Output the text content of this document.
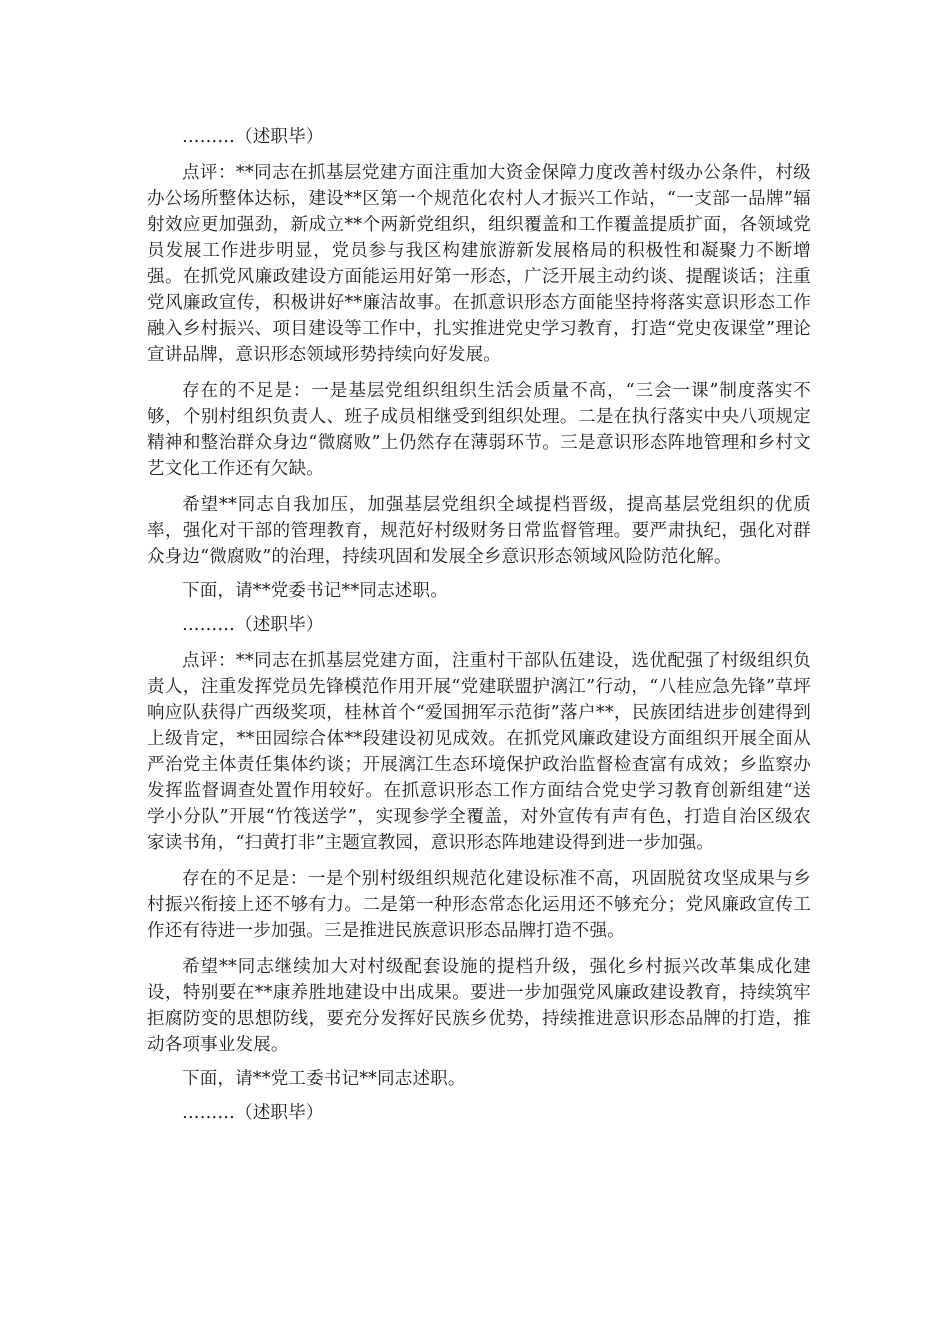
………（述职毕）

点评：**同志在抓基层党建方面注重加大资金保障力度改善村级办公条件，村级办公场所整体达标，建设**区第一个规范化农村人才振兴工作站，“一支部一品牌”辐射效应更加强劲，新成立**个两新党组织，组织覆盖和工作覆盖提质扩面，各领域党员发展工作进步明显，党员参与我区构建旅游新发展格局的积极性和凝聚力不断增强。在抓党风廉政建设方面能运用好第一形态，广泛开展主动约谈、提醒谈话；注重党风廉政宣传，积极讲好**廉洁故事。在抓意识形态方面能坚持将落实意识形态工作融入乡村振兴、项目建设等工作中，扎实推进党史学习教育，打造“党史夜课堂”理论宣讲品牌，意识形态领域形势持续向好发展。

存在的不足是：一是基层党组织组织生活会质量不高，“三会一课”制度落实不够，个别村组织负责人、班子成员相继受到组织处理。二是在执行落实中央八项规定精神和整治群众身边“微腐败”上仍然存在薄弱环节。三是意识形态阵地管理和乡村文艺文化工作还有欠缺。

希望**同志自我加压，加强基层党组织全域提档晋级，提高基层党组织的优质率，强化对干部的管理教育，规范好村级财务日常监督管理。要严肃执纪，强化对群众身边“微腐败”的治理，持续巩固和发展全乡意识形态领域风险防范化解。

下面，请**党委书记**同志述职。

………（述职毕）

点评：**同志在抓基层党建方面，注重村干部队伍建设，选优配强了村级组织负责人，注重发挥党员先锋模范作用开展“党建联盟护漓江”行动，“八桂应急先锋”草坪响应队获得广西级奖项，桂林首个“爱国拥军示范街”落户**，民族团结进步创建得到上级肯定，**田园综合体**段建设初见成效。在抓党风廉政建设方面组织开展全面从严治党主体责任集体约谈；开展漓江生态环境保护政治监督检查富有成效；乡监察办发挥监督调查处置作用较好。在抓意识形态工作方面结合党史学习教育创新组建“送学小分队”开展“竹筏送学”，实现参学全覆盖，对外宣传有声有色，打造自治区级农家读书角，“扫黄打非”主题宣教园，意识形态阵地建设得到进一步加强。

存在的不足是：一是个别村级组织规范化建设标准不高，巩固脱贫攻坚成果与乡村振兴衔接上还不够有力。二是第一种形态常态化运用还不够充分；党风廉政宣传工作还有待进一步加强。三是推进民族意识形态品牌打造不强。

希望**同志继续加大对村级配套设施的提档升级，强化乡村振兴改革集成化建设，特别要在**康养胜地建设中出成果。要进一步加强党风廉政建设教育，持续筑牢拒腐防变的思想防线，要充分发挥好民族乡优势，持续推进意识形态品牌的打造，推动各项事业发展。

下面，请**党工委书记**同志述职。

………（述职毕）
